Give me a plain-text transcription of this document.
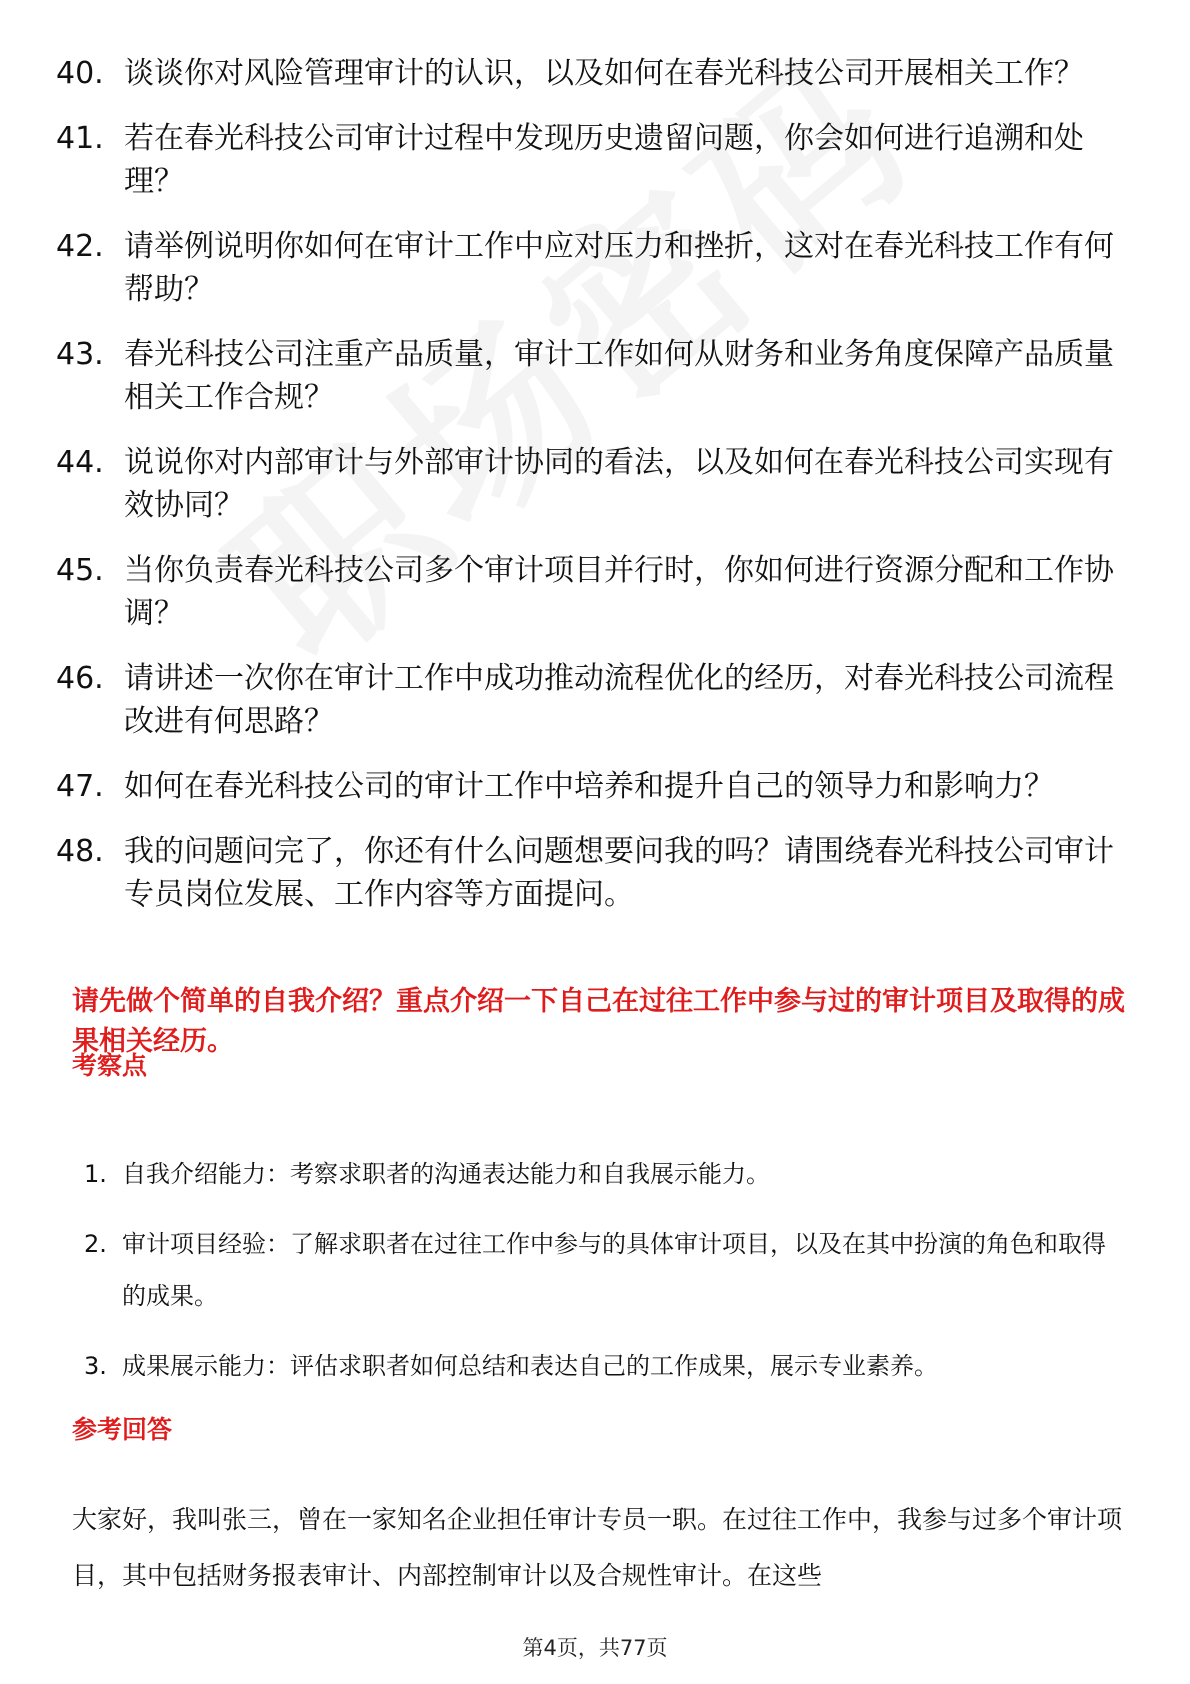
40. 谈谈你对风险管理审计的认识，以及如何在春光科技公司开展相关工作？
41. 若在春光科技公司审计过程中发现历史遗留问题，你会如何进行追溯和处理？
42. 请举例说明你如何在审计工作中应对压力和挫折，这对在春光科技工作有何帮助？
43. 春光科技公司注重产品质量，审计工作如何从财务和业务角度保障产品质量相关工作合规？
44. 说说你对内部审计与外部审计协同的看法，以及如何在春光科技公司实现有效协同？
45. 当你负责春光科技公司多个审计项目并行时，你如何进行资源分配和工作协调？
46. 请讲述一次你在审计工作中成功推动流程优化的经历，对春光科技公司流程改进有何思路？
47. 如何在春光科技公司的审计工作中培养和提升自己的领导力和影响力？
48. 我的问题问完了，你还有什么问题想要问我的吗？请围绕春光科技公司审计专员岗位发展、工作内容等方面提问。
请先做个简单的自我介绍？重点介绍一下自己在过往工作中参与过的审计项目及取得的成果相关经历。
考察点
1. 自我介绍能力：考察求职者的沟通表达能力和自我展示能力。
2. 审计项目经验：了解求职者在过往工作中参与的具体审计项目，以及在其中扮演的角色和取得的成果。
3. 成果展示能力：评估求职者如何总结和表达自己的工作成果，展示专业素养。
参考回答
大家好，我叫张三，曾在一家知名企业担任审计专员一职。在过往工作中，我参与过多个审计项目，其中包括财务报表审计、内部控制审计以及合规性审计。在这些
第4页，共77页
